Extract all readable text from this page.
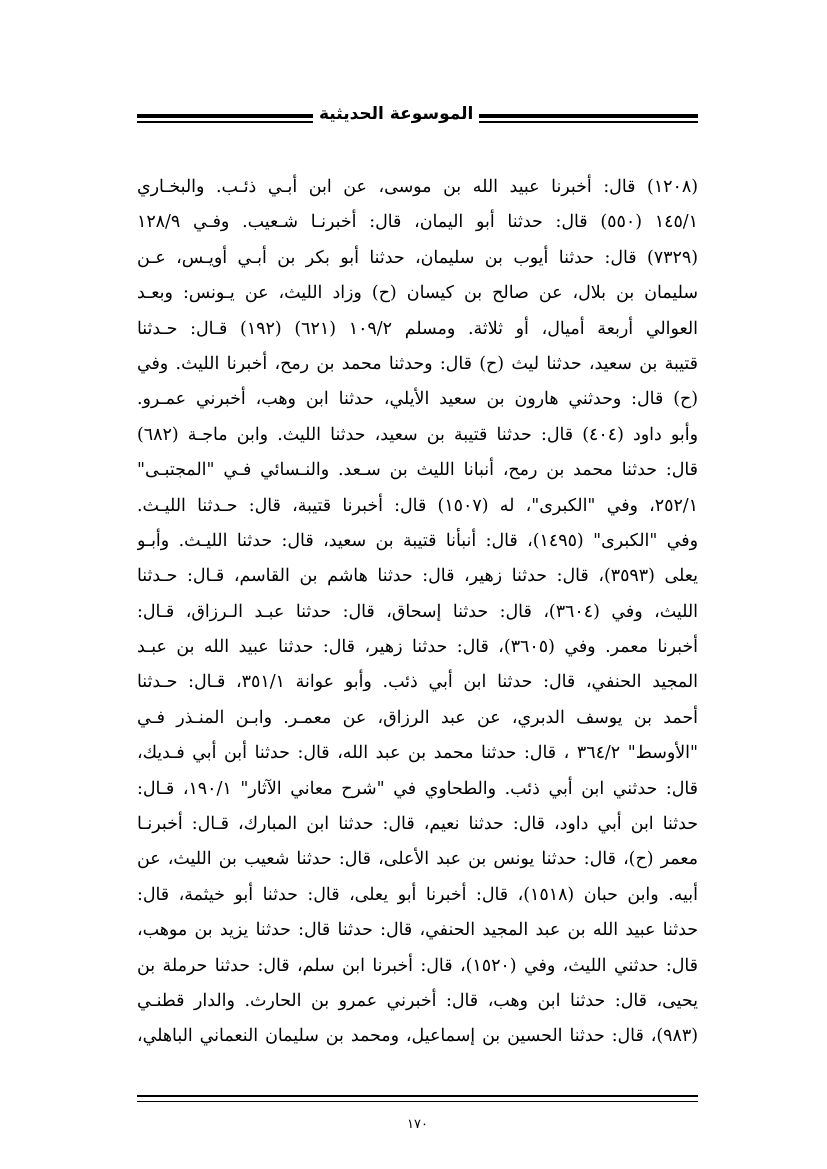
الموسوعة الحديثية
(١٢٠٨) قال: أخبرنا عبيد الله بن موسى، عن ابن أبـي ذئـب. والبخـاري
١٤٥/١ (٥٥٠) قال: حدثنا أبو اليمان، قال: أخبرنـا شـعيب. وفـي ١٢٨/٩
(٧٣٢٩) قال: حدثنا أيوب بن سليمان، حدثنا أبو بكر بن أبـي أويـس، عـن
سليمان بن بلال، عن صالح بن كيسان (ح) وزاد الليث، عن يـونس: وبعـد
العوالي أربعة أميال، أو ثلاثة. ومسلم ١٠٩/٢ (٦٢١) (١٩٢) قـال: حـدثنا
قتيبة بن سعيد، حدثنا ليث (ح) قال: وحدثنا محمد بن رمح، أخبرنا الليث. وفي
(ح) قال: وحدثني هارون بن سعيد الأيلي، حدثنا ابن وهب، أخبرني عمـرو.
وأبو داود (٤٠٤) قال: حدثنا قتيبة بن سعيد، حدثنا الليث. وابن ماجـة (٦٨٢)
قال: حدثنا محمد بن رمح، أنبانا الليث بن سـعد. والنـسائي فـي "المجتبـى"
٢٥٢/١، وفي "الكبرى"، له (١٥٠٧) قال: أخبرنا قتيبة، قال: حـدثنا الليـث.
وفي "الكبرى" (١٤٩٥)، قال: أنبأنا قتيبة بن سعيد، قال: حدثنا الليـث. وأبـو
يعلى (٣٥٩٣)، قال: حدثنا زهير، قال: حدثنا هاشم بن القاسم، قـال: حـدثنا
الليث، وفي (٣٦٠٤)، قال: حدثنا إسحاق، قال: حدثنا عبـد الـرزاق، قـال:
أخبرنا معمر. وفي (٣٦٠٥)، قال: حدثنا زهير، قال: حدثنا عبيد الله بن عبـد
المجيد الحنفي، قال: حدثنا ابن أبي ذئب. وأبو عوانة ٣٥١/١، قـال: حـدثنا
أحمد بن يوسف الدبري، عن عبد الرزاق، عن معمـر. وابـن المنـذر فـي
"الأوسط" ٣٦٤/٢ ، قال: حدثنا محمد بن عبد الله، قال: حدثنا أبن أبي فـديك،
قال: حدثني ابن أبي ذئب. والطحاوي في "شرح معاني الآثار" ١٩٠/١، قـال:
حدثنا ابن أبي داود، قال: حدثنا نعيم، قال: حدثنا ابن المبارك، قـال: أخبرنـا
معمر (ح)، قال: حدثنا يونس بن عبد الأعلى، قال: حدثنا شعيب بن الليث، عن
أبيه. وابن حبان (١٥١٨)، قال: أخبرنا أبو يعلى، قال: حدثنا أبو خيثمة، قال:
حدثنا عبيد الله بن عبد المجيد الحنفي، قال: حدثنا قال: حدثنا يزيد بن موهب،
قال: حدثني الليث، وفي (١٥٢٠)، قال: أخبرنا ابن سلم، قال: حدثنا حرملة بن
يحيى، قال: حدثنا ابن وهب، قال: أخبرني عمرو بن الحارث. والدار قطنـي
(٩٨٣)، قال: حدثنا الحسين بن إسماعيل، ومحمد بن سليمان النعماني الباهلي،
١٧٠
